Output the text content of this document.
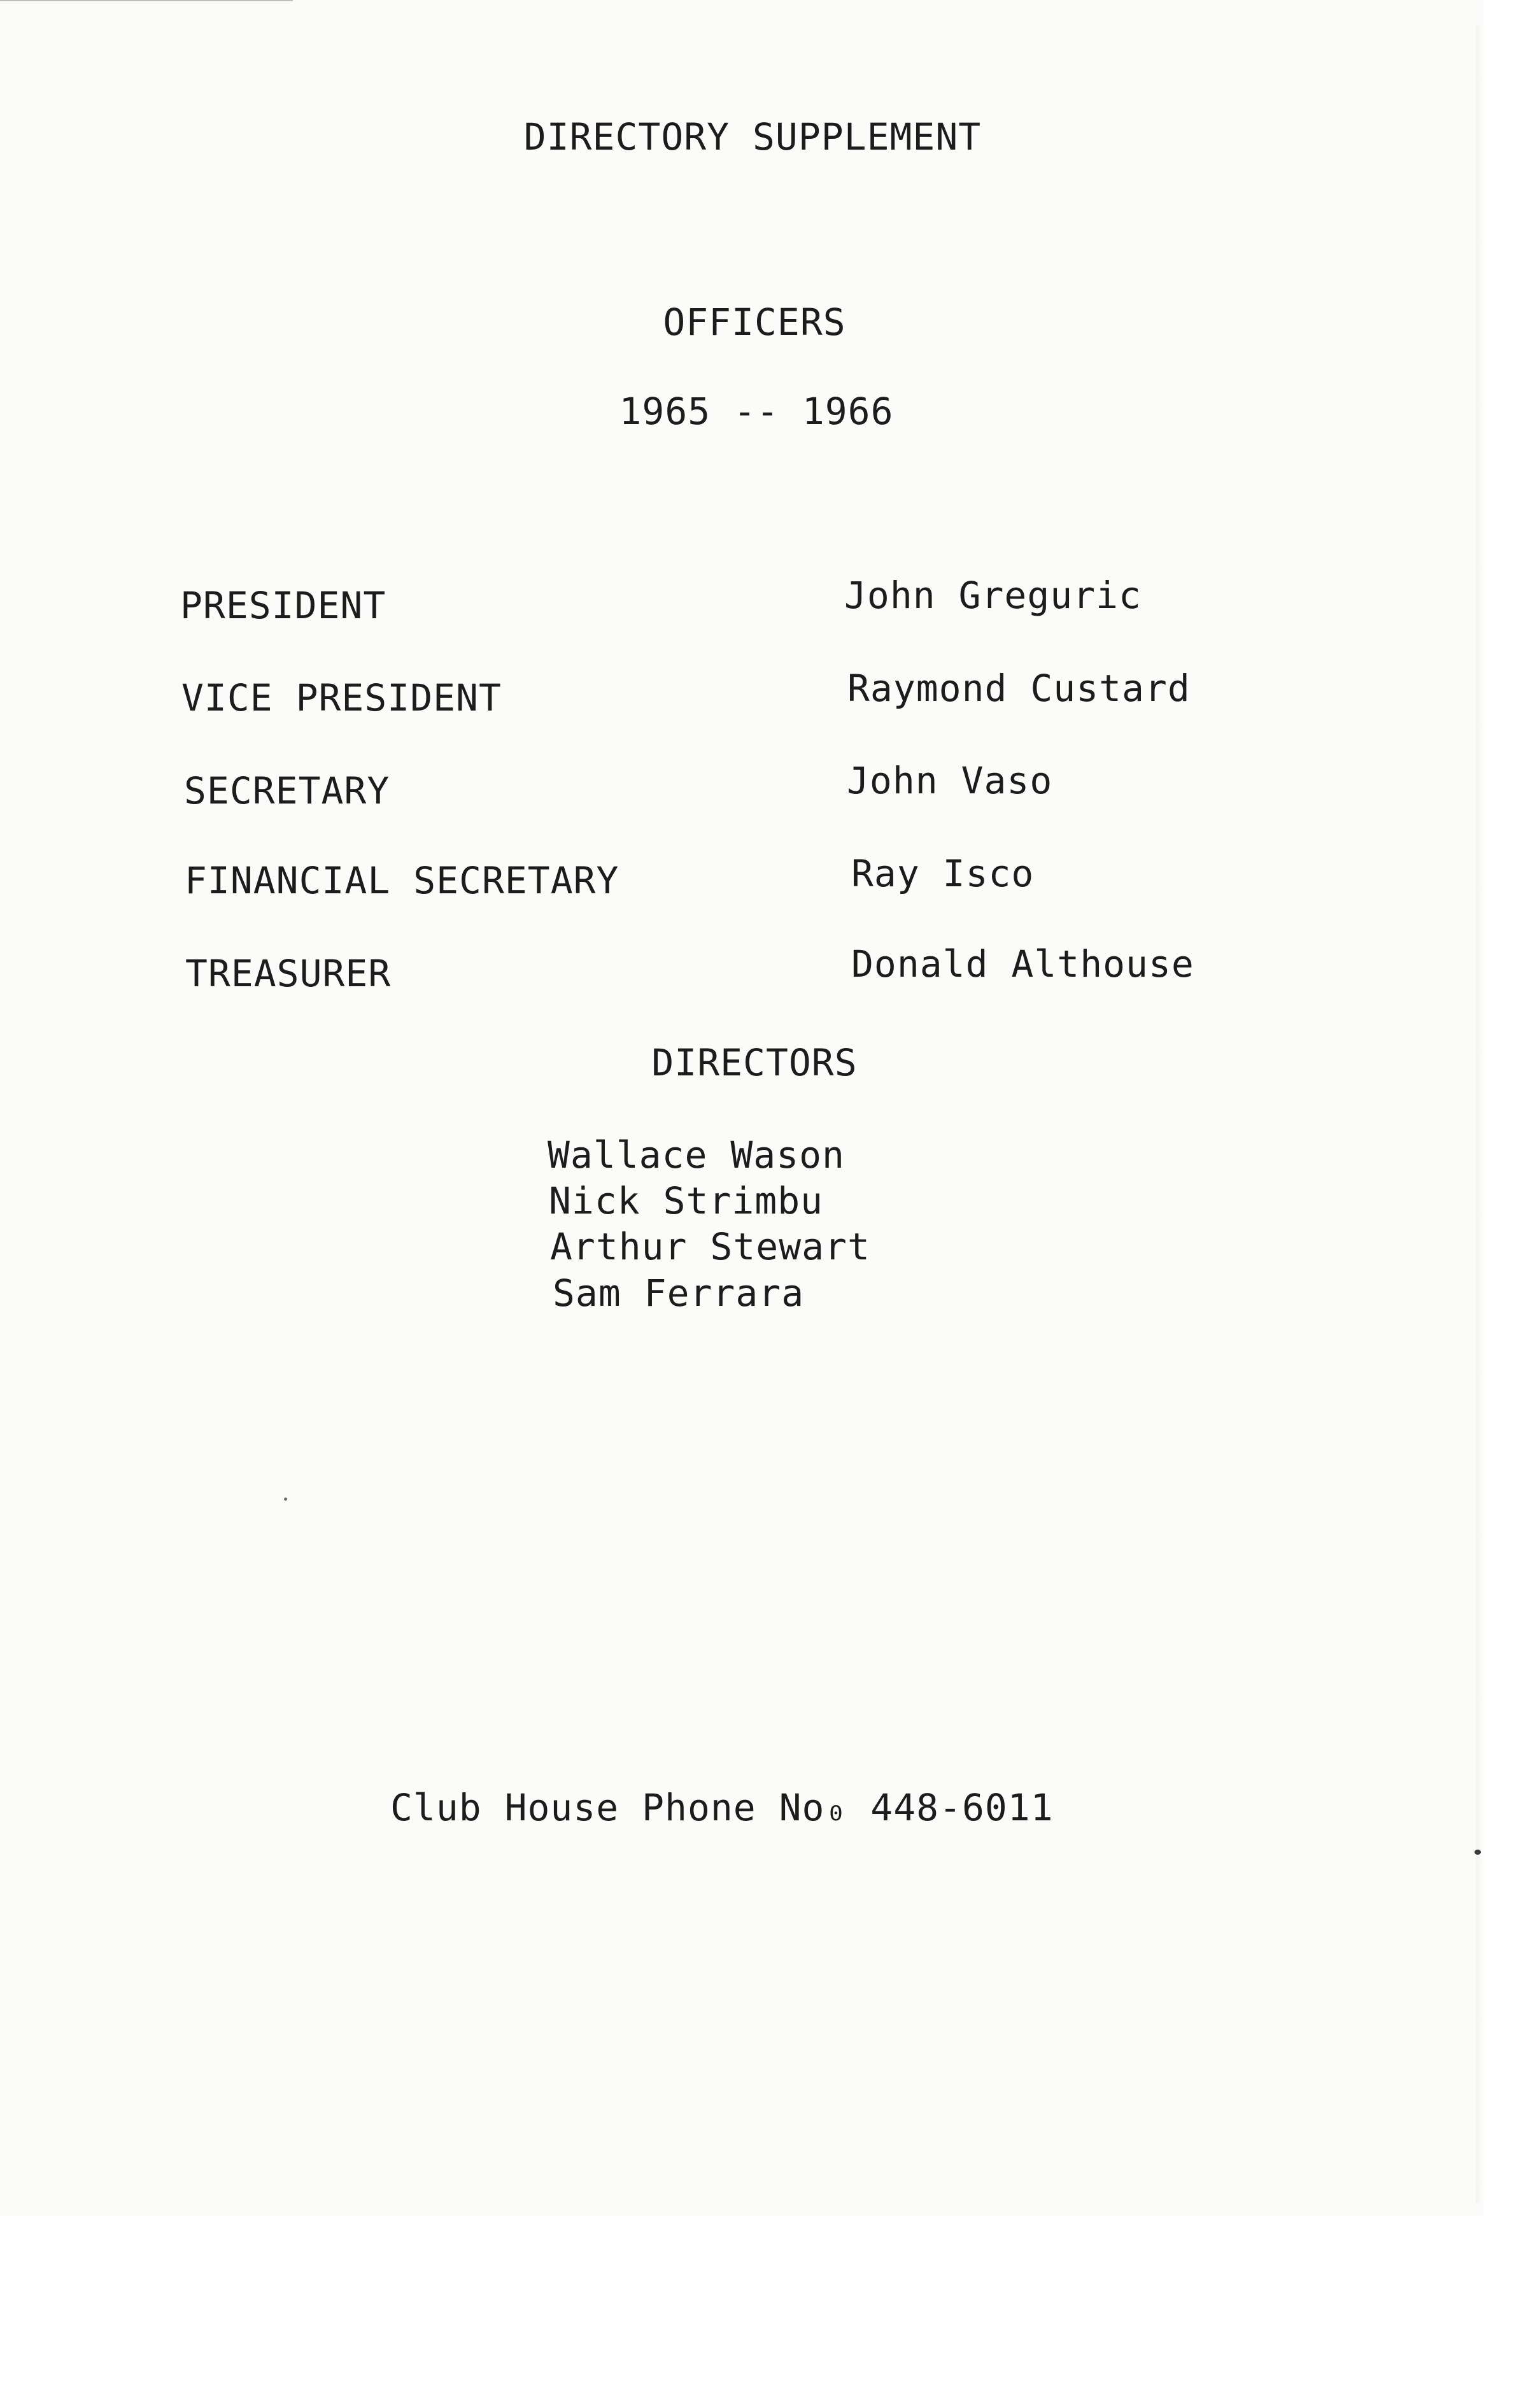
DIRECTORY SUPPLEMENT
OFFICERS
1965 -- 1966
PRESIDENT	John Greguric
VICE PRESIDENT	Raymond Custard
SECRETARY	John Vaso
FINANCIAL SECRETARY	Ray Isco
TREASURER	Donald Althouse
DIRECTORS
Wallace Wason
Nick Strimbu
Arthur Stewart
Sam Ferrara
Club House Phone No₀ 448-6011
